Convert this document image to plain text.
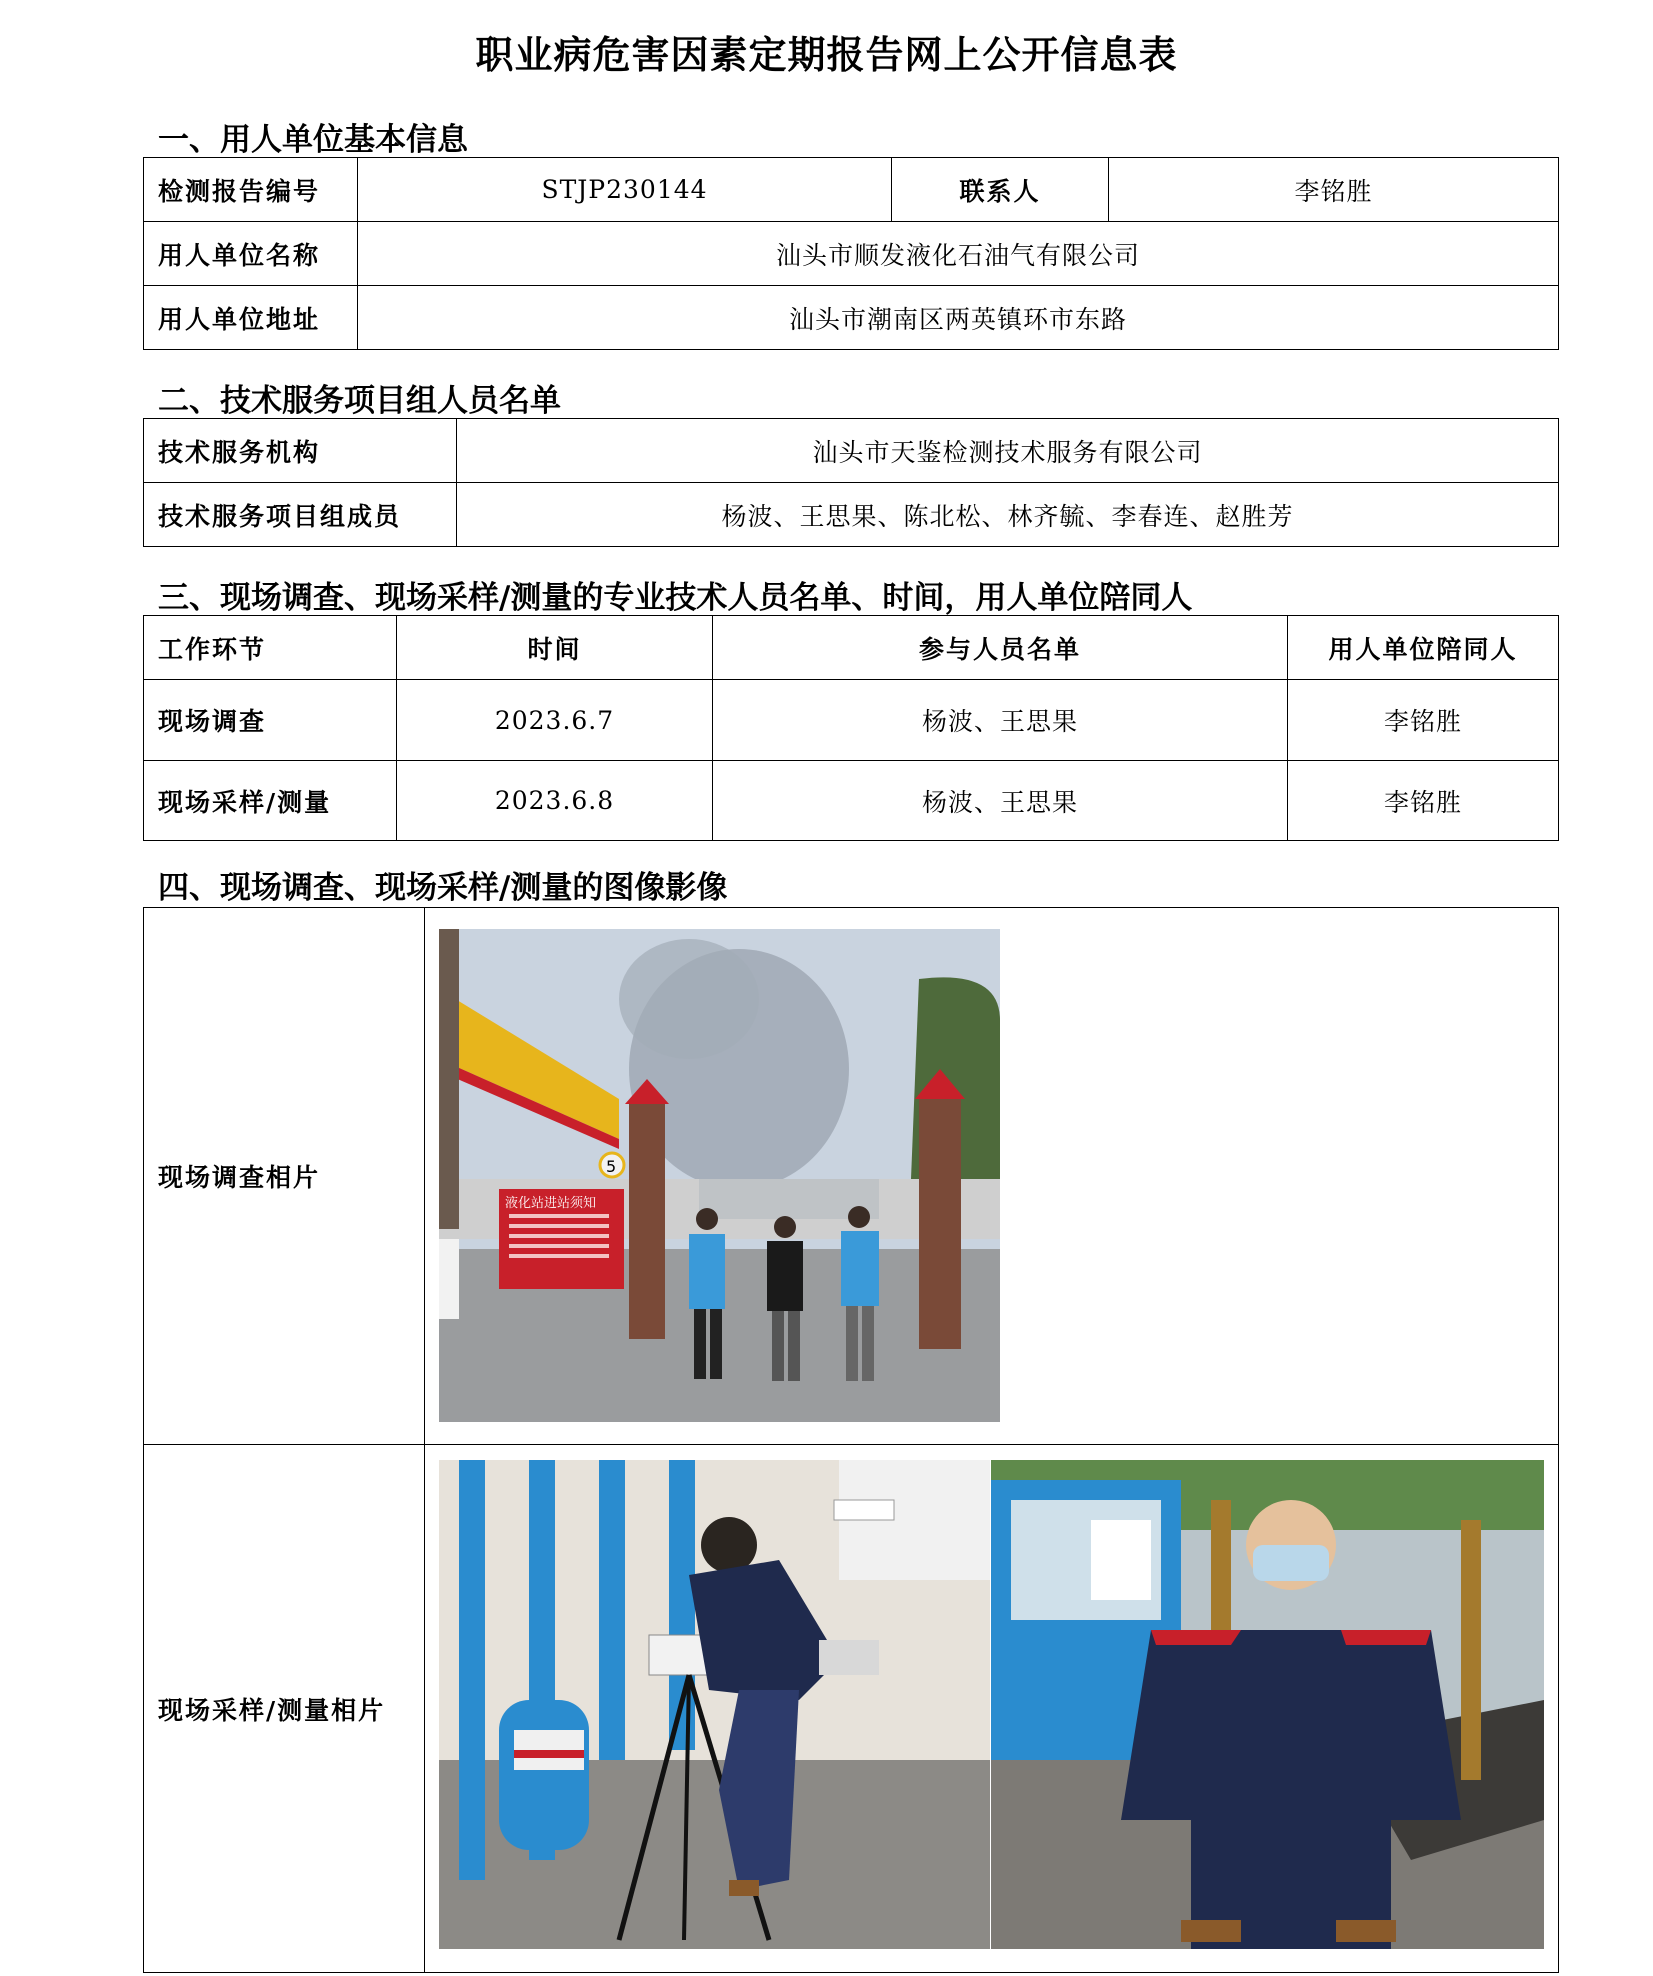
职业病危害因素定期报告网上公开信息表
一、用人单位基本信息
检测报告编号	STJP230144	联系人	李铭胜
用人单位名称	汕头市顺发液化石油气有限公司		
用人单位地址	汕头市潮南区两英镇环市东路		
二、技术服务项目组人员名单
技术服务机构	汕头市天鉴检测技术服务有限公司
技术服务项目组成员	杨波、王思果、陈北松、林齐毓、李春连、赵胜芳
三、现场调查、现场采样/测量的专业技术人员名单、时间，用人单位陪同人
工作环节	时间	参与人员名单	用人单位陪同人
现场调查	2023.6.7	杨波、王思果	李铭胜
现场采样/测量	2023.6.8	杨波、王思果	李铭胜
四、现场调查、现场采样/测量的图像影像
现场调查相片	
现场采样/测量相片	
液化站进站须知
5
